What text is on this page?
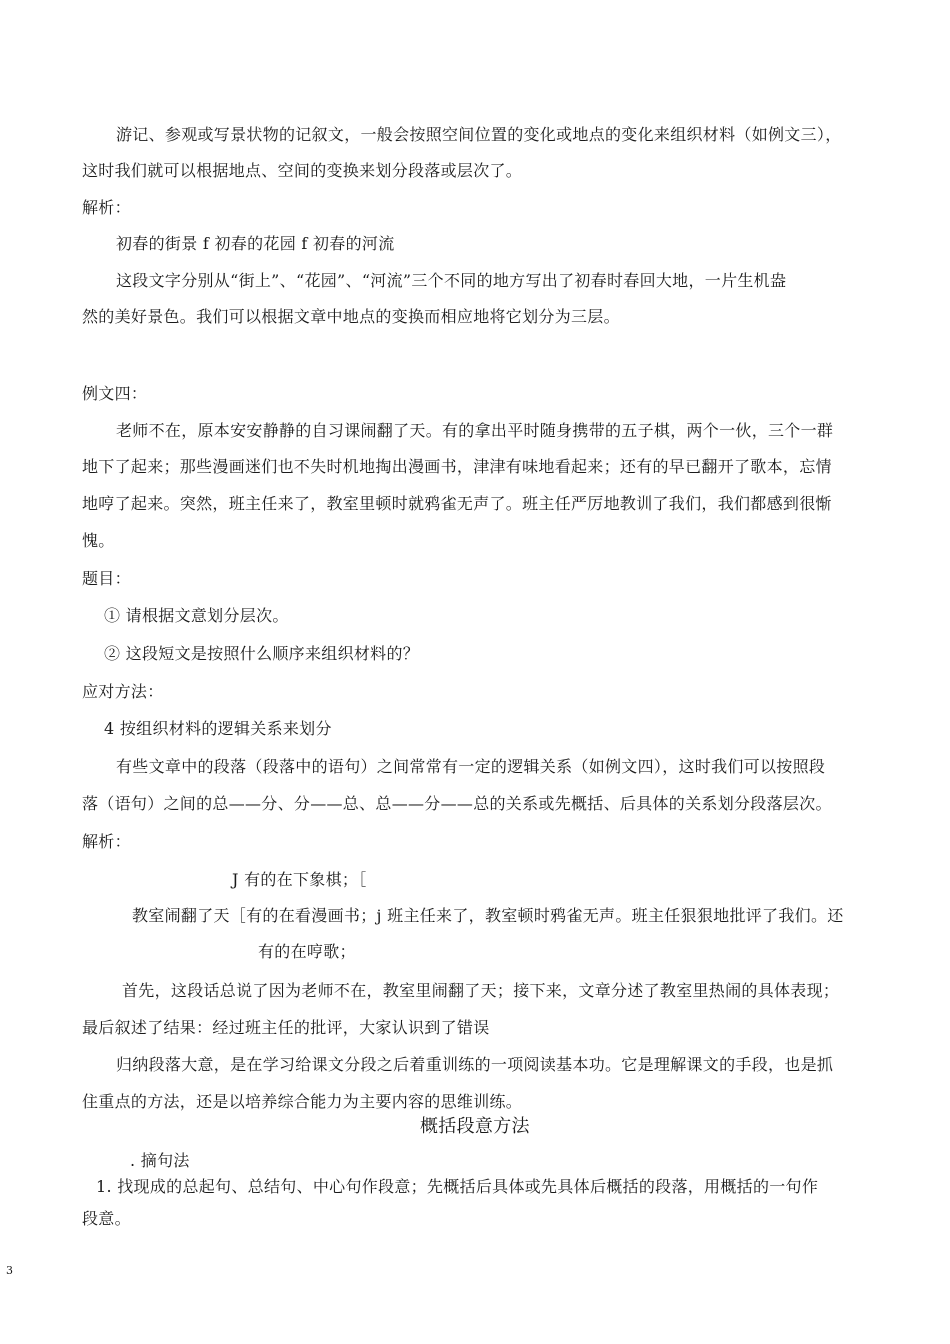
游记、参观或写景状物的记叙文，一般会按照空间位置的变化或地点的变化来组织材料（如例文三），
这时我们就可以根据地点、空间的变换来划分段落或层次了。
解析：
初春的街景 f 初春的花园 f 初春的河流
这段文字分别从“街上”、“花园”、“河流”三个不同的地方写出了初春时春回大地，一片生机盎
然的美好景色。我们可以根据文章中地点的变换而相应地将它划分为三层。
例文四：
老师不在，原本安安静静的自习课闹翻了天。有的拿出平时随身携带的五子棋，两个一伙，三个一群
地下了起来；那些漫画迷们也不失时机地掏出漫画书，津津有味地看起来；还有的早已翻开了歌本，忘情
地哼了起来。突然，班主任来了，教室里顿时就鸦雀无声了。班主任严厉地教训了我们，我们都感到很惭
愧。
题目：
① 请根据文意划分层次。
② 这段短文是按照什么顺序来组织材料的？
应对方法：
4 按组织材料的逻辑关系来划分
有些文章中的段落（段落中的语句）之间常常有一定的逻辑关系（如例文四），这时我们可以按照段
落（语句）之间的总——分、分——总、总——分——总的关系或先概括、后具体的关系划分段落层次。
解析：
J 有的在下象棋；［
教室闹翻了天［有的在看漫画书；j 班主任来了，教室顿时鸦雀无声。班主任狠狠地批评了我们。还
有的在哼歌；
首先，这段话总说了因为老师不在，教室里闹翻了天；接下来，文章分述了教室里热闹的具体表现；
最后叙述了结果：经过班主任的批评，大家认识到了错误
归纳段落大意，是在学习给课文分段之后着重训练的一项阅读基本功。它是理解课文的手段，也是抓
住重点的方法，还是以培养综合能力为主要内容的思维训练。
概括段意方法
. 摘句法
1. 找现成的总起句、总结句、中心句作段意；先概括后具体或先具体后概括的段落，用概括的一句作
段意。
3
